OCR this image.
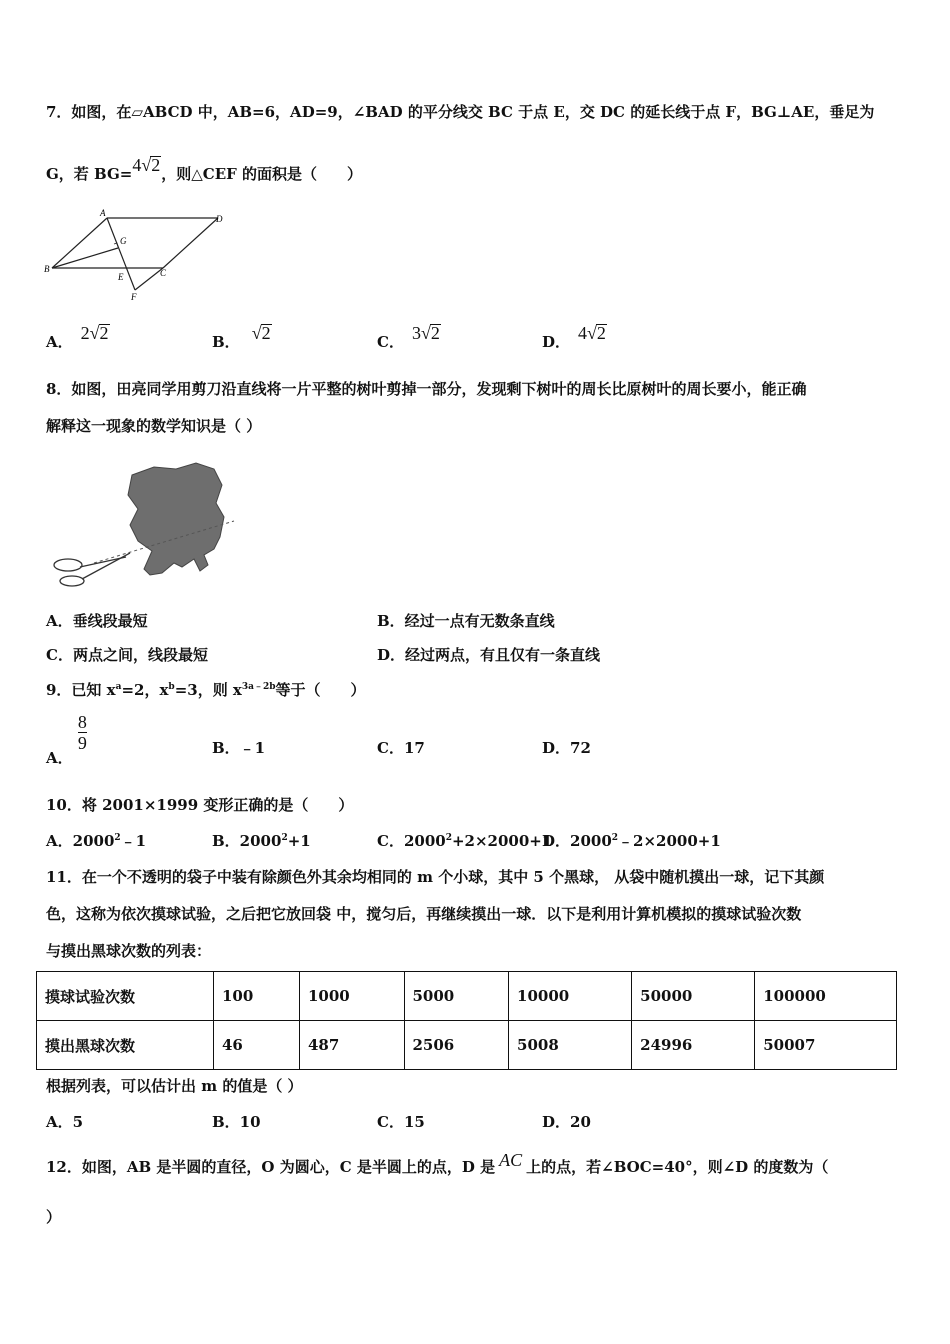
7．如图，在▱ABCD 中，AB=6，AD=9，∠BAD 的平分线交 BC 于点 E，交 DC 的延长线于点 F，BG⊥AE，垂足为
G，若 BG=4√2，则△CEF 的面积是（　　）
A
D
G
B
E	C
F
A． 2√2	B． √2	C． 3√2	D． 4√2
8．如图，田亮同学用剪刀沿直线将一片平整的树叶剪掉一部分，发现剩下树叶的周长比原树叶的周长要小，能正确
解释这一现象的数学知识是（ ）
A．垂线段最短	B．经过一点有无数条直线
C．两点之间，线段最短	D．经过两点，有且仅有一条直线
9．已知 $x^a=2$，$x^b=3$，则 $x^{3a﹣2b}$等于（　　）
A．
$\frac{8}{9}$	B．﹣1	C．17	D．72
10．将 2001×1999 变形正确的是（　　）
A．2000$^2$﹣1	B．$2000^2+1$	C．$2000^2+2\times 2000+1$
D．$2000^2﹣2\times 2000+1$
11．在一个不透明的袋子中装有除颜色外其余均相同的 m 个小球，其中 5 个黑球， 从袋中随机摸出一球，记下其颜
色，这称为依次摸球试验，之后把它放回袋 中，搅匀后，再继续摸出一球．以下是利用计算机模拟的摸球试验次数
与摸出黑球次数的列表：
摸球试验次数	100	1000	5000	10000	50000	100000
摸出黑球次数	46	487	2506	5008	24996	50007
根据列表，可以估计出 m 的值是（ ）
A．5	B．10	C．15	D．20
12．如图，AB 是半圆的直径，O 为圆心，C 是半圆上的点，D 是 AC 上的点，若∠BOC=40°，则∠D 的度数为（
）
